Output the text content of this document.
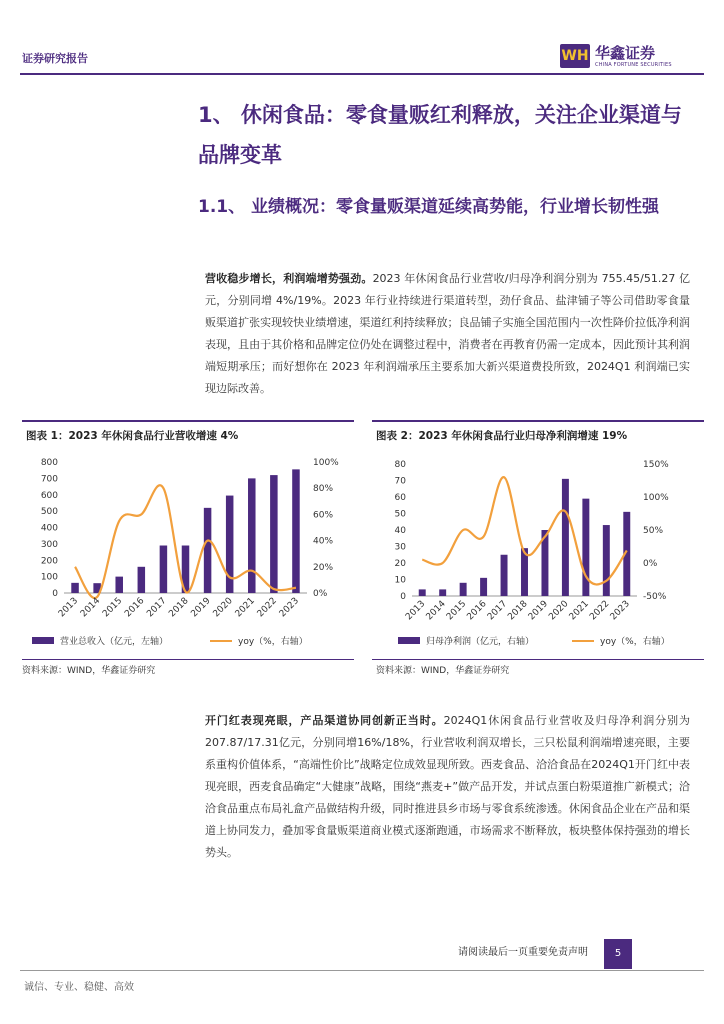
证券研究报告	WH 华鑫证券
CHINA FORTUNE SECURITIES
1、 休闲食品：零食量贩红利释放，关注企业渠道与品牌变革
1.1、 业绩概况：零食量贩渠道延续高势能，行业增长韧性强
营收稳步增长，利润端增势强劲。2023 年休闲食品行业营收/归母净利润分别为 755.45/51.27 亿元，分别同增 4%/19%。2023 年行业持续进行渠道转型，劲仔食品、盐津铺子等公司借助零食量贩渠道扩张实现较快业绩增速，渠道红利持续释放；良品铺子实施全国范围内一次性降价拉低净利润表现，且由于其价格和品牌定位仍处在调整过程中，消费者在再教育仍需一定成本，因此预计其利润端短期承压；而好想你在 2023 年利润端承压主要系加大新兴渠道费投所致，2024Q1 利润端已实现边际改善。
图表 1：2023 年休闲食品行业营收增速 4%
0
100
200
300
400
500
600
700
800
0%
20%
40%
60%
80%
100%
2013
2014
2015
2016
2017
2018
2019
2020
2021
2022
2023
营业总收入（亿元，左轴）	yoy（%，右轴）
资料来源：WIND，华鑫证券研究
图表 2：2023 年休闲食品行业归母净利润增速 19%
0
10
20
30
40
50
60
70
80
-50%
0%
50%
100%
150%
2013
2014
2015
2016
2017
2018
2019
2020
2021
2022
2023
归母净利润（亿元，右轴）	yoy（%，右轴）
资料来源：WIND，华鑫证券研究
开门红表现亮眼，产品渠道协同创新正当时。2024Q1休闲食品行业营收及归母净利润分别为207.87/17.31亿元，分别同增16%/18%，行业营收利润双增长，三只松鼠利润端增速亮眼，主要系重构价值体系，“高端性价比”战略定位成效显现所致。西麦食品、洽洽食品在2024Q1开门红中表现亮眼，西麦食品确定“大健康”战略，围绕“燕麦+”做产品开发，并试点蛋白粉渠道推广新模式；洽洽食品重点布局礼盒产品做结构升级，同时推进县乡市场与零食系统渗透。休闲食品企业在产品和渠道上协同发力，叠加零食量贩渠道商业模式逐渐跑通，市场需求不断释放，板块整体保持强劲的增长势头。
请阅读最后一页重要免责声明	5
诚信、专业、稳健、高效
